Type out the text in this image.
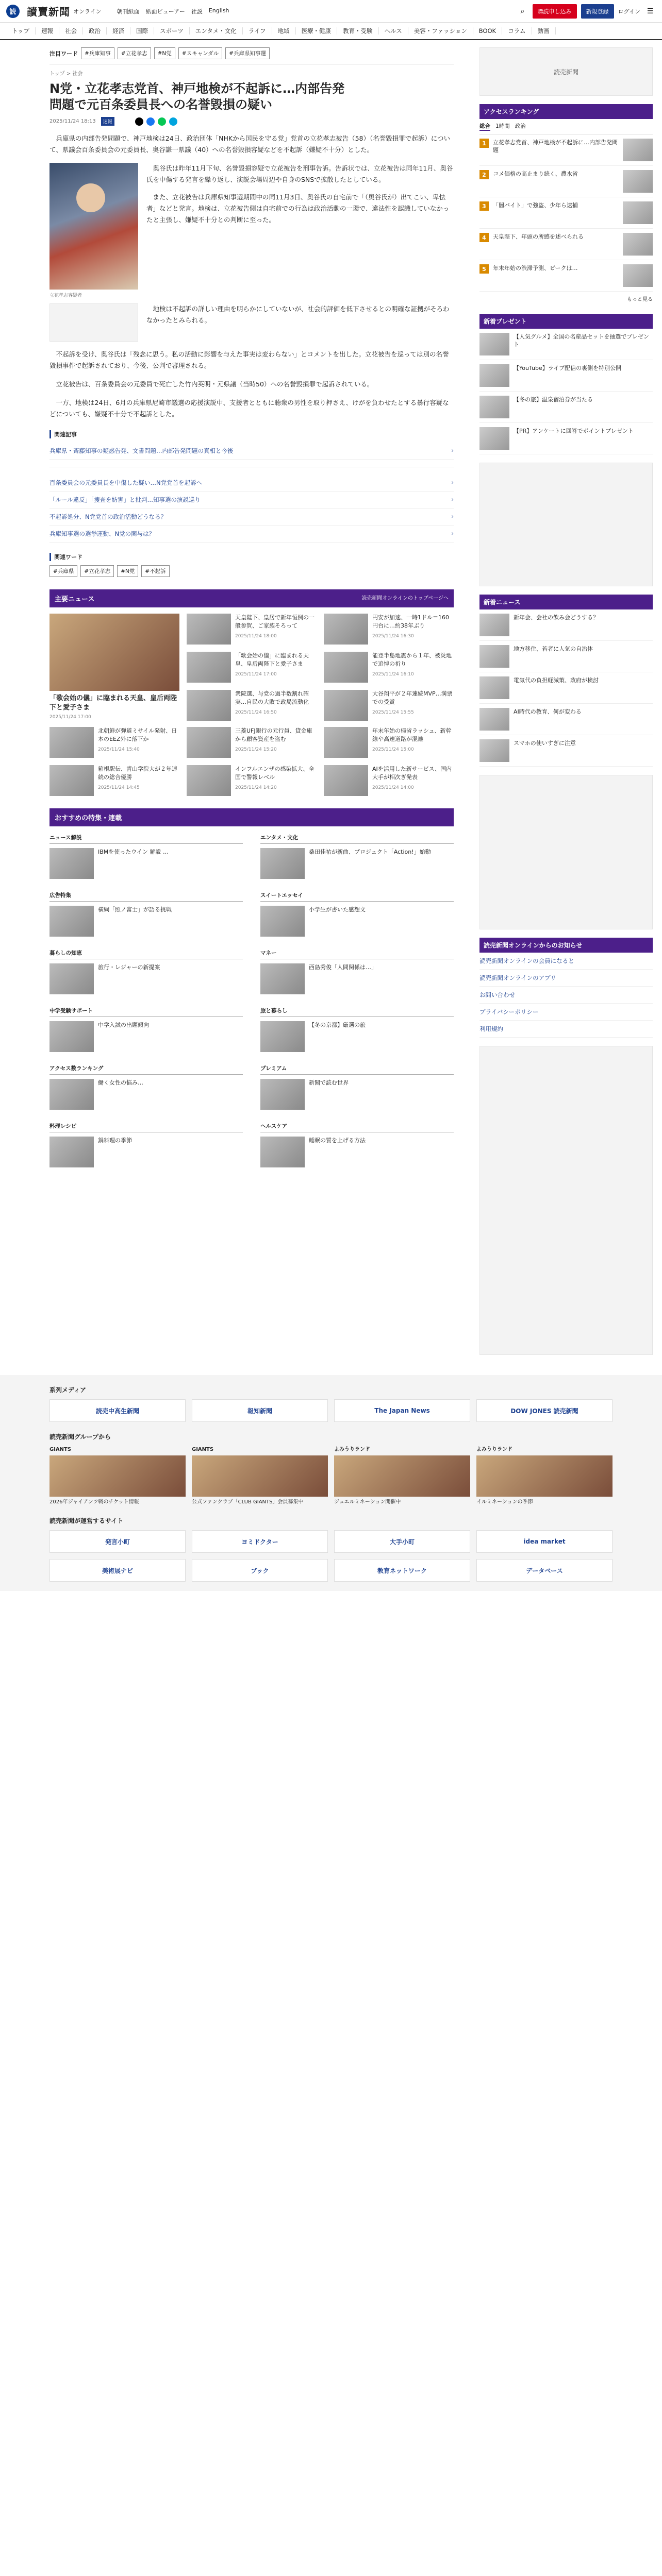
読	讀賣新聞 オンライン	朝刊紙面 紙面ビューアー 社説 English	⌕	購読申し込み	新規登録	ログイン ☰
トップ	速報	社会	政治	経済	国際	スポーツ	エンタメ・文化	ライフ	地域	医療・健康	教育・受験	ヘルス	美容・ファッション	BOOK	コラム	動画
注目ワード	#兵庫知事	#立花孝志	#N党	#スキャンダル	#兵庫県知事選
トップ > 社会
N党・立花孝志党首、神戸地検が不起訴に…内部告発問題で元百条委員長への名誉毀損の疑い
2025/11/24 18:13	速報

兵庫県の内部告発問題で、神戸地検は24日、政治団体「NHKから国民を守る党」党首の立花孝志被告（58）（名誉毀損罪で起訴）について、県議会百条委員会の元委員長、奥谷謙一県議（40）への名誉毀損容疑などを不起訴（嫌疑不十分）とした。

立花孝志容疑者

奥谷氏は昨年11月下旬、名誉毀損容疑で立花被告を刑事告訴。告訴状では、立花被告は同年11月、奥谷氏を中傷する発言を繰り返し、演説会場周辺や自身のSNSで拡散したとしている。

また、立花被告は兵庫県知事選期間中の同11月3日、奥谷氏の自宅前で「（奥谷氏が）出てこい、卑怯者」などと発言。地検は、立花被告側は自宅前での行為は政治活動の一環で、違法性を認識していなかったと主張し、嫌疑不十分との判断に至った。

地検は不起訴の詳しい理由を明らかにしていないが、社会的評価を低下させるとの明確な証拠がそろわなかったとみられる。

不起訴を受け、奥谷氏は「残念に思う。私の活動に影響を与えた事実は変わらない」とコメントを出した。立花被告を巡っては別の名誉毀損事件で起訴されており、今後、公判で審理される。

立花被告は、百条委員会の元委員で死亡した竹内英明・元県議（当時50）への名誉毀損罪で起訴されている。

一方、地検は24日、6月の兵庫県尼崎市議選の応援演説中、支援者とともに聴衆の男性を取り押さえ、けがを負わせたとする暴行容疑などについても、嫌疑不十分で不起訴とした。

関連記事
兵庫県・斎藤知事の疑惑告発、文書問題…内部告発問題の真相と今後	›
百条委員会の元委員長を中傷した疑い…N党党首を起訴へ	›
「ルール違反」「捜査を妨害」と批判…知事選の演説巡り	›
不起訴処分、N党党首の政治活動どうなる？	›
兵庫知事選の選挙運動、N党の関与は？	›
関連ワード
#兵庫県	#立花孝志	#N党	#不起訴
主要ニュース	読売新聞オンラインのトップページへ
「歌会始の儀」に臨まれる天皇、皇后両陛下と愛子さま
2025/11/24 17:00
天皇陛下、皇居で新年恒例の一般参賀、ご家族そろって
2025/11/24 18:00
「歌会始の儀」に臨まれる天皇、皇后両陛下と愛子さま
2025/11/24 17:00
衆院選、与党の過半数割れ確実…自民の大敗で政局流動化
2025/11/24 16:50
円安が加速、一時1ドル＝160円台に…約38年ぶり
2025/11/24 16:30
能登半島地震から１年、被災地で追悼の祈り
2025/11/24 16:10
大谷翔平が２年連続MVP…満票での受賞
2025/11/24 15:55
北朝鮮が弾道ミサイル発射、日本のEEZ外に落下か
2025/11/24 15:40
三菱UFJ銀行の元行員、貸金庫から顧客資産を盗む
2025/11/24 15:20
年末年始の帰省ラッシュ、新幹線や高速道路が混雑
2025/11/24 15:00
箱根駅伝、青山学院大が２年連続の総合優勝
2025/11/24 14:45
インフルエンザの感染拡大、全国で警報レベル
2025/11/24 14:20
AIを活用した新サービス、国内大手が相次ぎ発表
2025/11/24 14:00
おすすめの特集・連載
ニュース解説
IBMを使ったウイン 解説 …
エンタメ・文化
桑田佳祐が新曲、プロジェクト「Action!」始動
広告特集
横綱「照ノ富士」が語る挑戦
スイートエッセイ
小学生が書いた感想文
暮らしの知恵
旅行・レジャーの新提案
マネー
西島秀俊「人間関係は…」
中学受験サポート
中学入試の出題傾向
旅と暮らし
【冬の京都】厳選の旅
アクセス数ランキング
働く女性の悩み…
プレミアム
新聞で読む世界
料理レシピ
鍋料理の季節
ヘルスケア
睡眠の質を上げる方法
読売新聞
アクセスランキング
総合 1時間 政治
1	立花孝志党首、神戸地検が不起訴に…内部告発問題
2	コメ価格の高止まり続く、農水省
3	「闇バイト」で強盗、少年ら逮捕
4	天皇陛下、年頭の所感を述べられる
5	年末年始の渋滞予測、ピークは…
もっと見る
新着プレゼント
【人気グルメ】全国の名産品セットを抽選でプレゼント
【YouTube】ライブ配信の裏側を特別公開
【冬の旅】温泉宿泊券が当たる
【PR】アンケートに回答でポイントプレゼント
新着ニュース
新年会、会社の飲み会どうする？
地方移住、若者に人気の自治体
電気代の負担軽減策、政府が検討
AI時代の教育、何が変わる
スマホの使いすぎに注意
読売新聞オンラインからのお知らせ
読売新聞オンラインの会員になると
読売新聞オンラインのアプリ
お問い合わせ
プライバシーポリシー
利用規約
系列メディア
読売中高生新聞	報知新聞	The Japan News	DOW JONES 読売新聞
読売新聞グループから
GIANTS
2026年ジャイアンツ戦のチケット情報
GIANTS
公式ファンクラブ「CLUB GIANTS」会員募集中
よみうりランド
ジュエルミネーション開催中
よみうりランド
イルミネーションの季節
読売新聞が運営するサイト
発言小町	ヨミドクター	大手小町	idea market
美術展ナビ	ブック	教育ネットワーク	データベース
